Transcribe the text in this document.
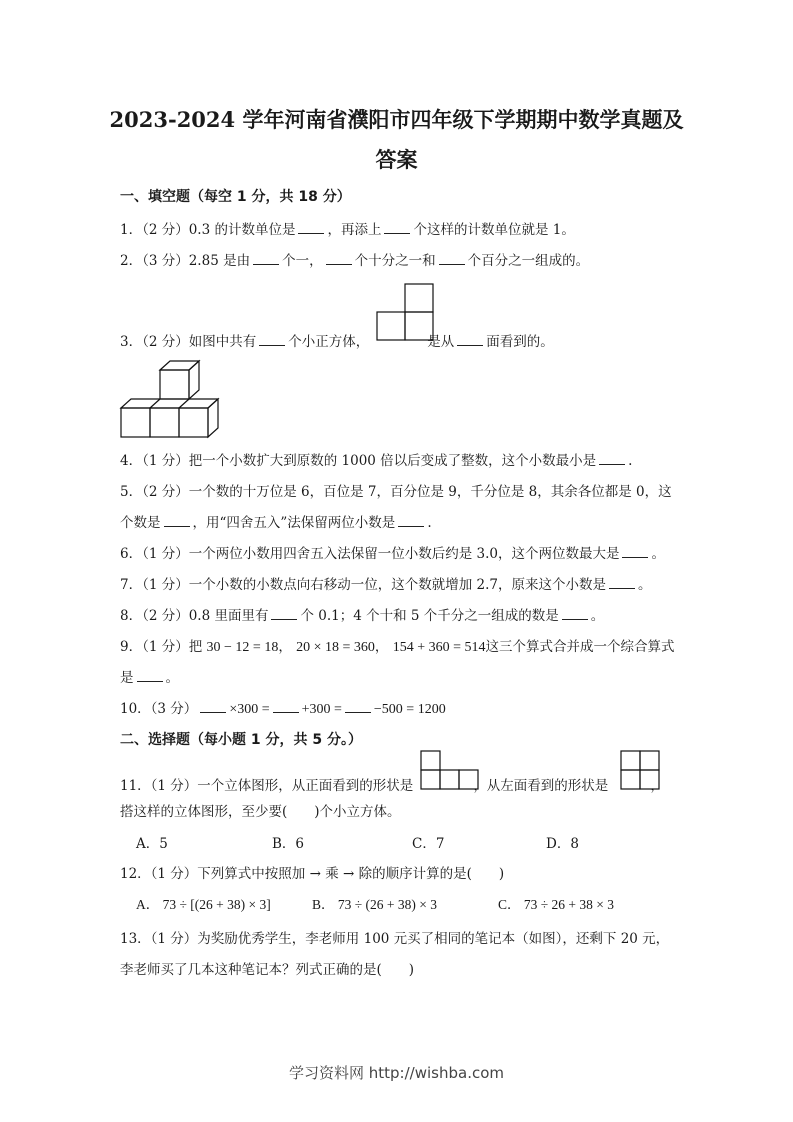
2023-2024 学年河南省濮阳市四年级下学期期中数学真题及
答案
一、填空题（每空 1 分，共 18 分）
1．（2 分）0.3 的计数单位是 ，再添上 个这样的计数单位就是 1。
2．（3 分）2.85 是由 个一， 个十分之一和 个百分之一组成的。
3．（2 分）如图中共有 个小正方体，	是从 面看到的。
4．（1 分）把一个小数扩大到原数的 1000 倍以后变成了整数，这个小数最小是 .
5．（2 分）一个数的十万位是 6，百位是 7，百分位是 9，千分位是 8，其余各位都是 0，这
个数是 ，用“四舍五入”法保留两位小数是 .
6．（1 分）一个两位小数用四舍五入法保留一位小数后约是 3.0，这个两位数最大是 。
7．（1 分）一个小数的小数点向右移动一位，这个数就增加 2.7，原来这个小数是 。
8．（2 分）0.8 里面里有 个 0.1；4 个十和 5 个千分之一组成的数是 。
9．（1 分）把 30 − 12 = 18， 20 × 18 = 360， 154 + 360 = 514这三个算式合并成一个综合算式
是 。
10．（3 分） ×300 = +300 = −500 = 1200
二、选择题（每小题 1 分，共 5 分。）
11．（1 分）一个立体图形，从正面看到的形状是	，从左面看到的形状是	，
搭这样的立体图形，至少要(　　)个小立方体。
A．5	B．6	C．7	D．8
12．（1 分）下列算式中按照加 → 乘 → 除的顺序计算的是(　　)
A． 73 ÷ [(26 + 38) × 3]	B． 73 ÷ (26 + 38) × 3	C． 73 ÷ 26 + 38 × 3
13．（1 分）为奖励优秀学生，李老师用 100 元买了相同的笔记本（如图），还剩下 20 元，
李老师买了几本这种笔记本？列式正确的是(　　)
学习资料网 http://wishba.com
